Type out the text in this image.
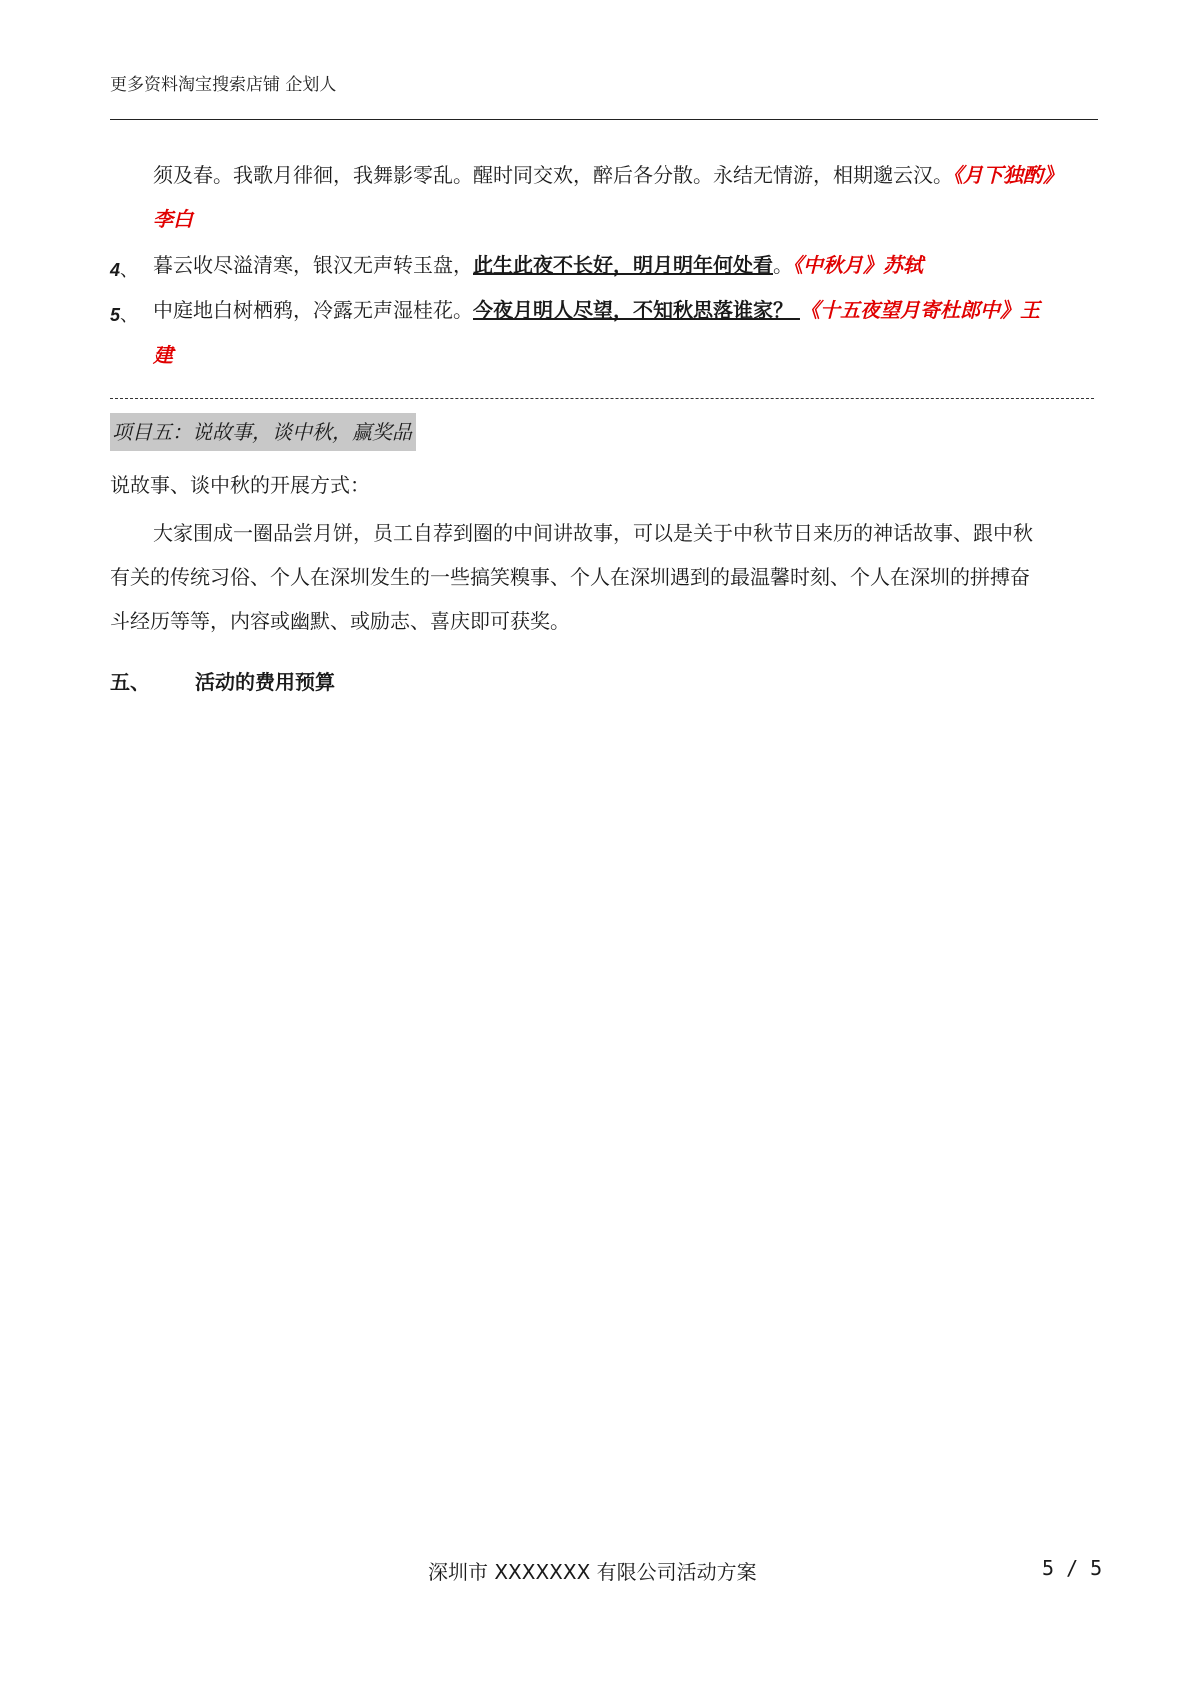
更多资料淘宝搜索店铺 企划人
须及春。我歌月徘徊，我舞影零乱。醒时同交欢，醉后各分散。永结无情游，相期邈云汉。《月下独酌》
李白
4、 暮云收尽溢清寒，银汉无声转玉盘，此生此夜不长好，明月明年何处看。《中秋月》苏轼
5、 中庭地白树栖鸦，冷露无声湿桂花。今夜月明人尽望，不知秋思落谁家？ 《十五夜望月寄杜郎中》王
建
项目五：说故事，谈中秋，赢奖品
说故事、谈中秋的开展方式：
大家围成一圈品尝月饼，员工自荐到圈的中间讲故事，可以是关于中秋节日来历的神话故事、跟中秋
有关的传统习俗、个人在深圳发生的一些搞笑糗事、个人在深圳遇到的最温馨时刻、个人在深圳的拼搏奋
斗经历等等，内容或幽默、或励志、喜庆即可获奖。
五、 活动的费用预算
深圳市 XXXXXXX 有限公司活动方案	5 / 5
